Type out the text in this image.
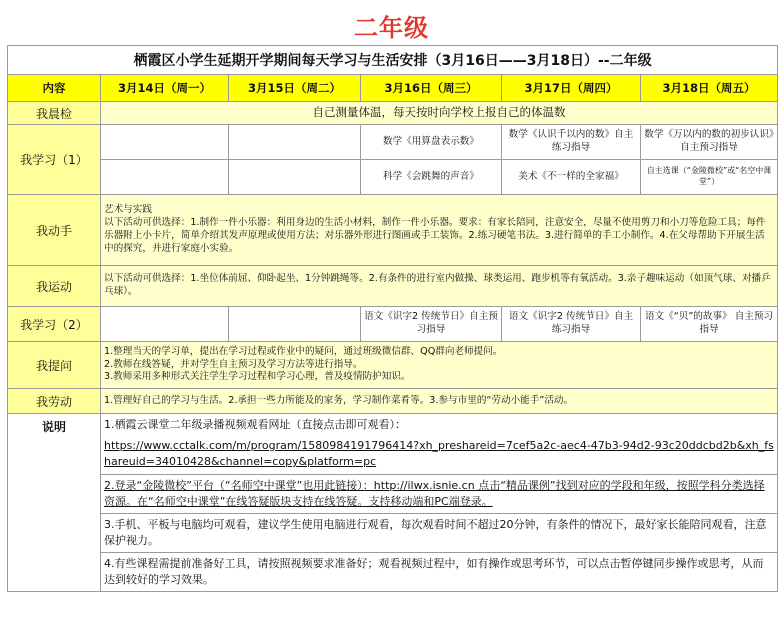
二年级
栖霞区小学生延期开学期间每天学习与生活安排（3月16日——3月18日）--二年级					
内容	3月14日（周一）	3月15日（周二）	3月16日（周三）	3月17日（周四）	3月18日（周五）
我晨检	自己测量体温，每天按时向学校上报自己的体温数				
我学习（1）			数学《用算盘表示数》	数学《认识千以内的数》自主练习指导	数学《万以内的数的初步认识》自主预习指导
			科学《会跳舞的声音》	美术《不一样的全家福》	自主选课（“金陵微校”或“名空中课堂”）
我动手	艺术与实践
以下活动可供选择：1.制作一件小乐器：利用身边的生活小材料，制作一件小乐器。要求：有家长陪同，注意安全，尽量不使用剪刀和小刀等危险工具；每件乐器附上小卡片，简单介绍其发声原理或使用方法；对乐器外形进行图画或手工装饰。2.练习硬笔书法。3.进行简单的手工小制作。4.在父母帮助下开展生活中的探究，并进行家庭小实验。				

我运动	以下活动可供选择：1.坐位体前屈、仰卧起坐、1分钟跳绳等。2.有条件的进行室内做操、球类运用、跑步机等有氧活动。3.亲子趣味运动（如顶气球、对播乒乓球）。				
我学习（2）			语文《识字2 传统节日》自主预习指导	语文《识字2 传统节日》自主练习指导	语文《“贝”的故事》 自主预习指导
我提问	1.整理当天的学习单，提出在学习过程或作业中的疑问，通过班级微信群、QQ群向老师提问。
2.教师在线答疑，并对学生自主预习及学习方法等进行指导。
3.教师采用多种形式关注学生学习过程和学习心理，普及疫情防护知识。				

我劳动	1.管理好自己的学习与生活。2.承担一些力所能及的家务，学习制作菜肴等。3.参与市里的“劳动小能手”活动。				
说明	1.栖霞云课堂二年级录播视频观看网址（直接点击即可观看）：
https://www.cctalk.com/m/program/1580984191796414?xh_preshareid=7cef5a2c-aec4-47b3-94d2-93c20ddcbd2b&xh_fshareuid=34010428&channel=copy&platform=pc				

	2.登录“金陵微校”平台（“名师空中课堂”也用此链接）：http://ilwx.isnie.cn 点击“精品课例”找到对应的学段和年级，按照学科分类选择资源。在“名师空中课堂”在线答疑版块支持在线答疑。支持移动端和PC端登录。				
	3.手机、平板与电脑均可观看，建议学生使用电脑进行观看，每次观看时间不超过20分钟，有条件的情况下，最好家长能陪同观看，注意保护视力。				
	4.有些课程需提前准备好工具，请按照视频要求准备好；观看视频过程中，如有操作或思考环节，可以点击暂停键同步操作或思考，从而达到较好的学习效果。				
